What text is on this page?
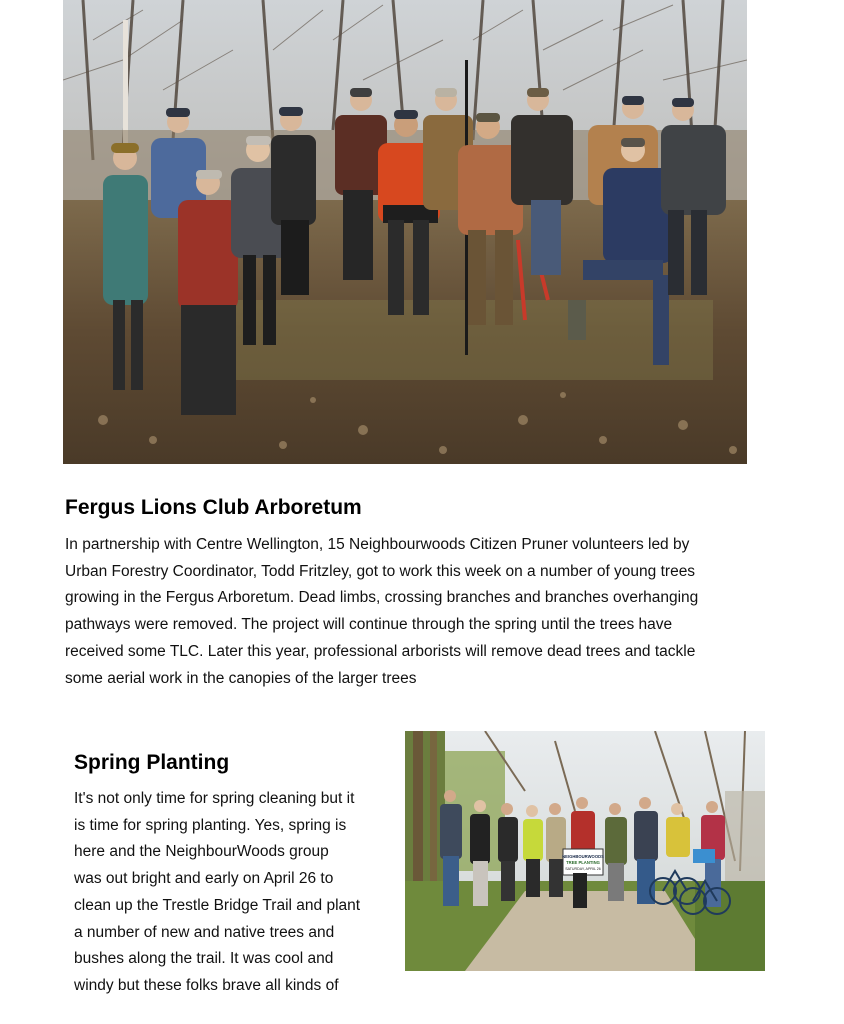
Fergus Lions Club Arboretum

In partnership with Centre Wellington, 15 Neighbourwoods Citizen Pruner volunteers led by
Urban Forestry Coordinator, Todd Fritzley, got to work this week on a number of young trees
growing in the Fergus Arboretum. Dead limbs, crossing branches and branches overhanging
pathways were removed. The project will continue through the spring until the trees have
received some TLC. Later this year, professional arborists will remove dead trees and tackle
some aerial work in the canopies of the larger trees

Spring Planting

It's not only time for spring cleaning but it
is time for spring planting. Yes, spring is
here and the NeighbourWoods group
was out bright and early on April 26 to
clean up the Trestle Bridge Trail and plant
a number of new and native trees and
bushes along the trail. It was cool and
windy but these folks brave all kinds of

NEIGHBOURWOODS
TREE PLANTING
SATURDAY, APRIL 26
